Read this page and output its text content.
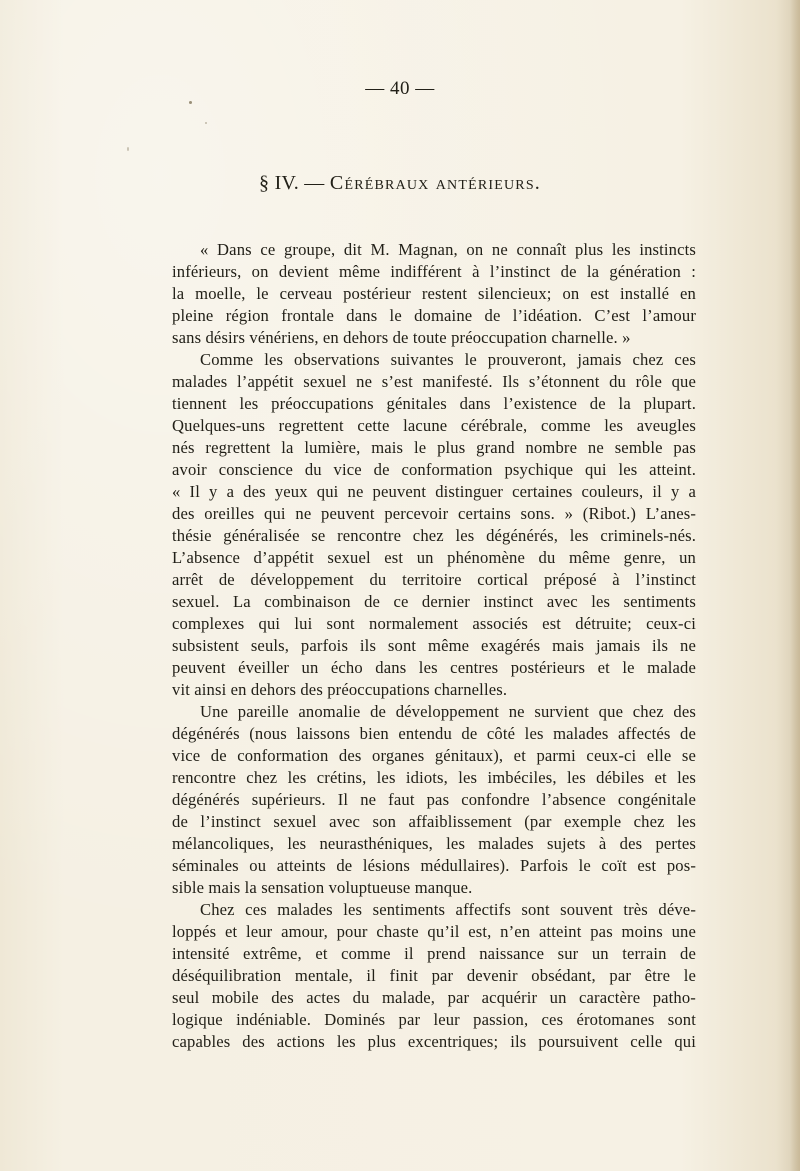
— 40 —
§ IV. — Cérébraux antérieurs.
« Dans ce groupe, dit M. Magnan, on ne connaît plus les instincts
inférieurs, on devient même indifférent à l’instinct de la génération :
la moelle, le cerveau postérieur restent silencieux; on est installé en
pleine région frontale dans le domaine de l’idéation. C’est l’amour
sans désirs vénériens, en dehors de toute préoccupation charnelle. »
Comme les observations suivantes le prouveront, jamais chez ces
malades l’appétit sexuel ne s’est manifesté. Ils s’étonnent du rôle que
tiennent les préoccupations génitales dans l’existence de la plupart.
Quelques-uns regrettent cette lacune cérébrale, comme les aveugles
nés regrettent la lumière, mais le plus grand nombre ne semble pas
avoir conscience du vice de conformation psychique qui les atteint.
« Il y a des yeux qui ne peuvent distinguer certaines couleurs, il y a
des oreilles qui ne peuvent percevoir certains sons. » (Ribot.) L’anes-
thésie généralisée se rencontre chez les dégénérés, les criminels-nés.
L’absence d’appétit sexuel est un phénomène du même genre, un
arrêt de développement du territoire cortical préposé à l’instinct
sexuel. La combinaison de ce dernier instinct avec les sentiments
complexes qui lui sont normalement associés est détruite; ceux-ci
subsistent seuls, parfois ils sont même exagérés mais jamais ils ne
peuvent éveiller un écho dans les centres postérieurs et le malade
vit ainsi en dehors des préoccupations charnelles.
Une pareille anomalie de développement ne survient que chez des
dégénérés (nous laissons bien entendu de côté les malades affectés de
vice de conformation des organes génitaux), et parmi ceux-ci elle se
rencontre chez les crétins, les idiots, les imbéciles, les débiles et les
dégénérés supérieurs. Il ne faut pas confondre l’absence congénitale
de l’instinct sexuel avec son affaiblissement (par exemple chez les
mélancoliques, les neurasthéniques, les malades sujets à des pertes
séminales ou atteints de lésions médullaires). Parfois le coït est pos-
sible mais la sensation voluptueuse manque.
Chez ces malades les sentiments affectifs sont souvent très déve-
loppés et leur amour, pour chaste qu’il est, n’en atteint pas moins une
intensité extrême, et comme il prend naissance sur un terrain de
déséquilibration mentale, il finit par devenir obsédant, par être le
seul mobile des actes du malade, par acquérir un caractère patho-
logique indéniable. Dominés par leur passion, ces érotomanes sont
capables des actions les plus excentriques; ils poursuivent celle qui
